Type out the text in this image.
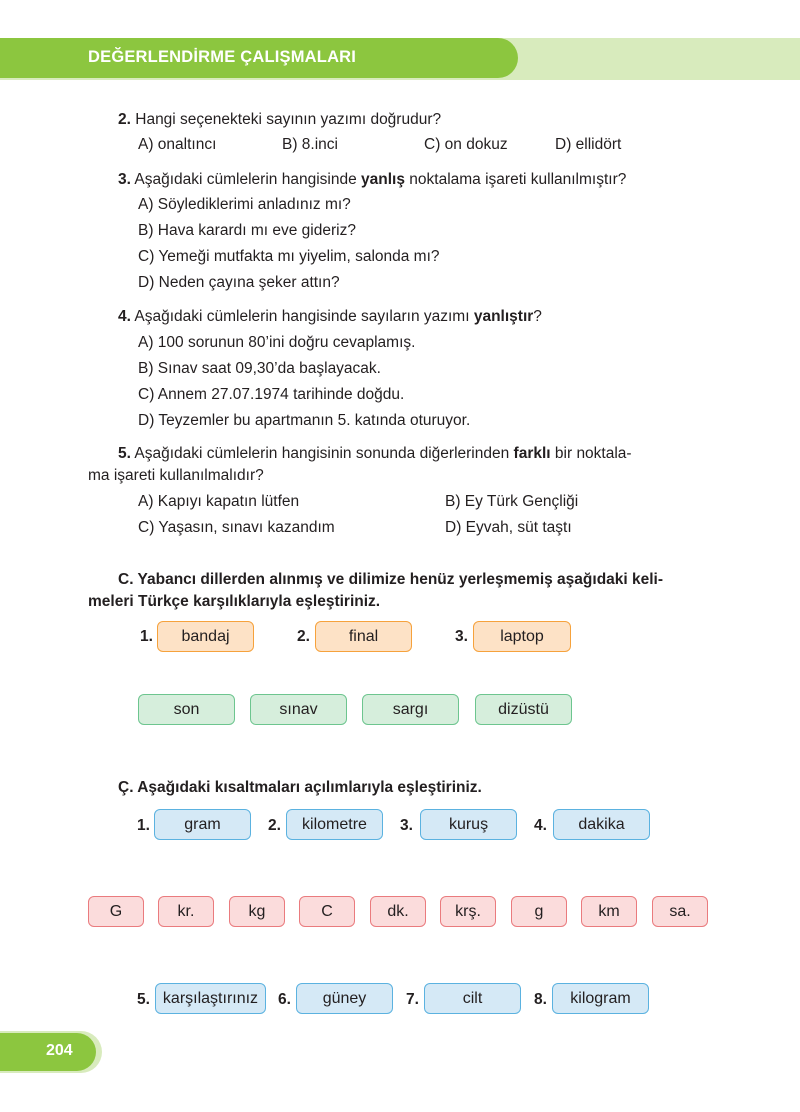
DEĞERLENDİRME ÇALIŞMALARI
2. Hangi seçenekteki sayının yazımı doğrudur?
A) onaltıncı	B) 8.inci	C) on dokuz	D) ellidört
3. Aşağıdaki cümlelerin hangisinde yanlış noktalama işareti kullanılmıştır?
A) Söylediklerimi anladınız mı?
B) Hava karardı mı eve gideriz?
C) Yemeği mutfakta mı yiyelim, salonda mı?
D) Neden çayına şeker attın?
4. Aşağıdaki cümlelerin hangisinde sayıların yazımı yanlıştır?
A) 100 sorunun 80’ini doğru cevaplamış.
B) Sınav saat 09,30’da başlayacak.
C) Annem 27.07.1974 tarihinde doğdu.
D) Teyzemler bu apartmanın 5. katında oturuyor.
5. Aşağıdaki cümlelerin hangisinin sonunda diğerlerinden farklı bir noktala-
ma işareti kullanılmalıdır?
A) Kapıyı kapatın lütfen	B) Ey Türk Gençliği
C) Yaşasın, sınavı kazandım	D) Eyvah, süt taştı
C. Yabancı dillerden alınmış ve dilimize henüz yerleşmemiş aşağıdaki keli-
meleri Türkçe karşılıklarıyla eşleştiriniz.
1.	bandaj	2.	final	3.	laptop
son	sınav	sargı	dizüstü
Ç. Aşağıdaki kısaltmaları açılımlarıyla eşleştiriniz.
1.	gram	2.	kilometre	3.	kuruş	4.	dakika
G	kr.	kg	C	dk.	krş.	g	km	sa.
5. karşılaştırınız	6.	güney	7.	cilt	8.	kilogram
204
